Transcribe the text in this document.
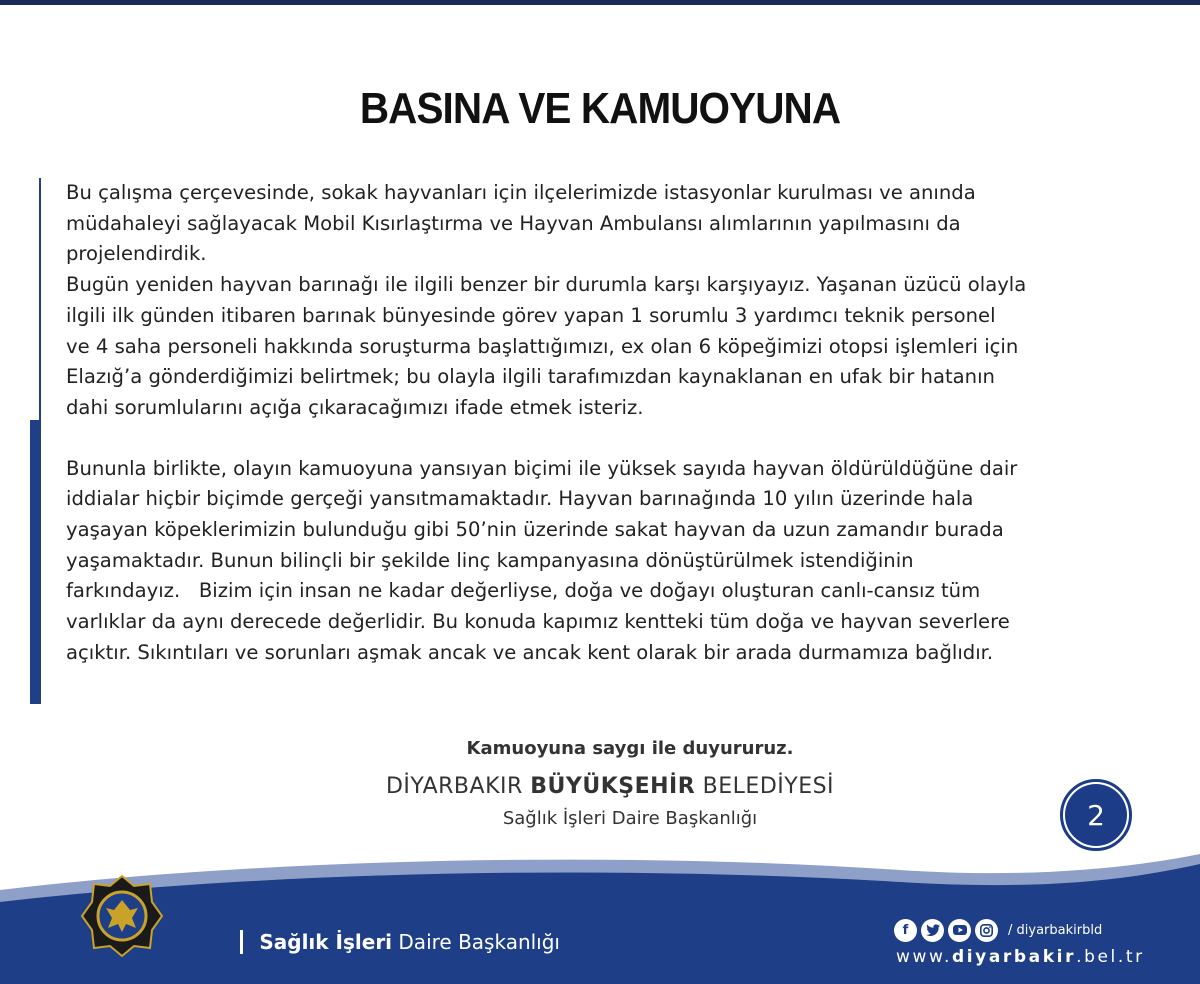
BASINA VE KAMUOYUNA

Bu çalışma çerçevesinde, sokak hayvanları için ilçelerimizde istasyonlar kurulması ve anında

müdahaleyi sağlayacak Mobil Kısırlaştırma ve Hayvan Ambulansı alımlarının yapılmasını da

projelendirdik.

Bugün yeniden hayvan barınağı ile ilgili benzer bir durumla karşı karşıyayız. Yaşanan üzücü olayla

ilgili ilk günden itibaren barınak bünyesinde görev yapan 1 sorumlu 3 yardımcı teknik personel

ve 4 saha personeli hakkında soruşturma başlattığımızı, ex olan 6 köpeğimizi otopsi işlemleri için

Elazığ’a gönderdiğimizi belirtmek; bu olayla ilgili tarafımızdan kaynaklanan en ufak bir hatanın

dahi sorumlularını açığa çıkaracağımızı ifade etmek isteriz.

Bununla birlikte, olayın kamuoyuna yansıyan biçimi ile yüksek sayıda hayvan öldürüldüğüne dair

iddialar hiçbir biçimde gerçeği yansıtmamaktadır. Hayvan barınağında 10 yılın üzerinde hala

yaşayan köpeklerimizin bulunduğu gibi 50’nin üzerinde sakat hayvan da uzun zamandır burada

yaşamaktadır. Bunun bilinçli bir şekilde linç kampanyasına dönüştürülmek istendiğinin

farkındayız.   Bizim için insan ne kadar değerliyse, doğa ve doğayı oluşturan canlı-cansız tüm

varlıklar da aynı derecede değerlidir. Bu konuda kapımız kentteki tüm doğa ve hayvan severlere

açıktır. Sıkıntıları ve sorunları aşmak ancak ve ancak kent olarak bir arada durmamıza bağlıdır.

Kamuoyuna saygı ile duyururuz.
DİYARBAKIR BÜYÜKŞEHİR BELEDİYESİ
Sağlık İşleri Daire Başkanlığı	2
Sağlık İşleri Daire Başkanlığı	f	/ diyarbakirbld
www.diyarbakir.bel.tr
